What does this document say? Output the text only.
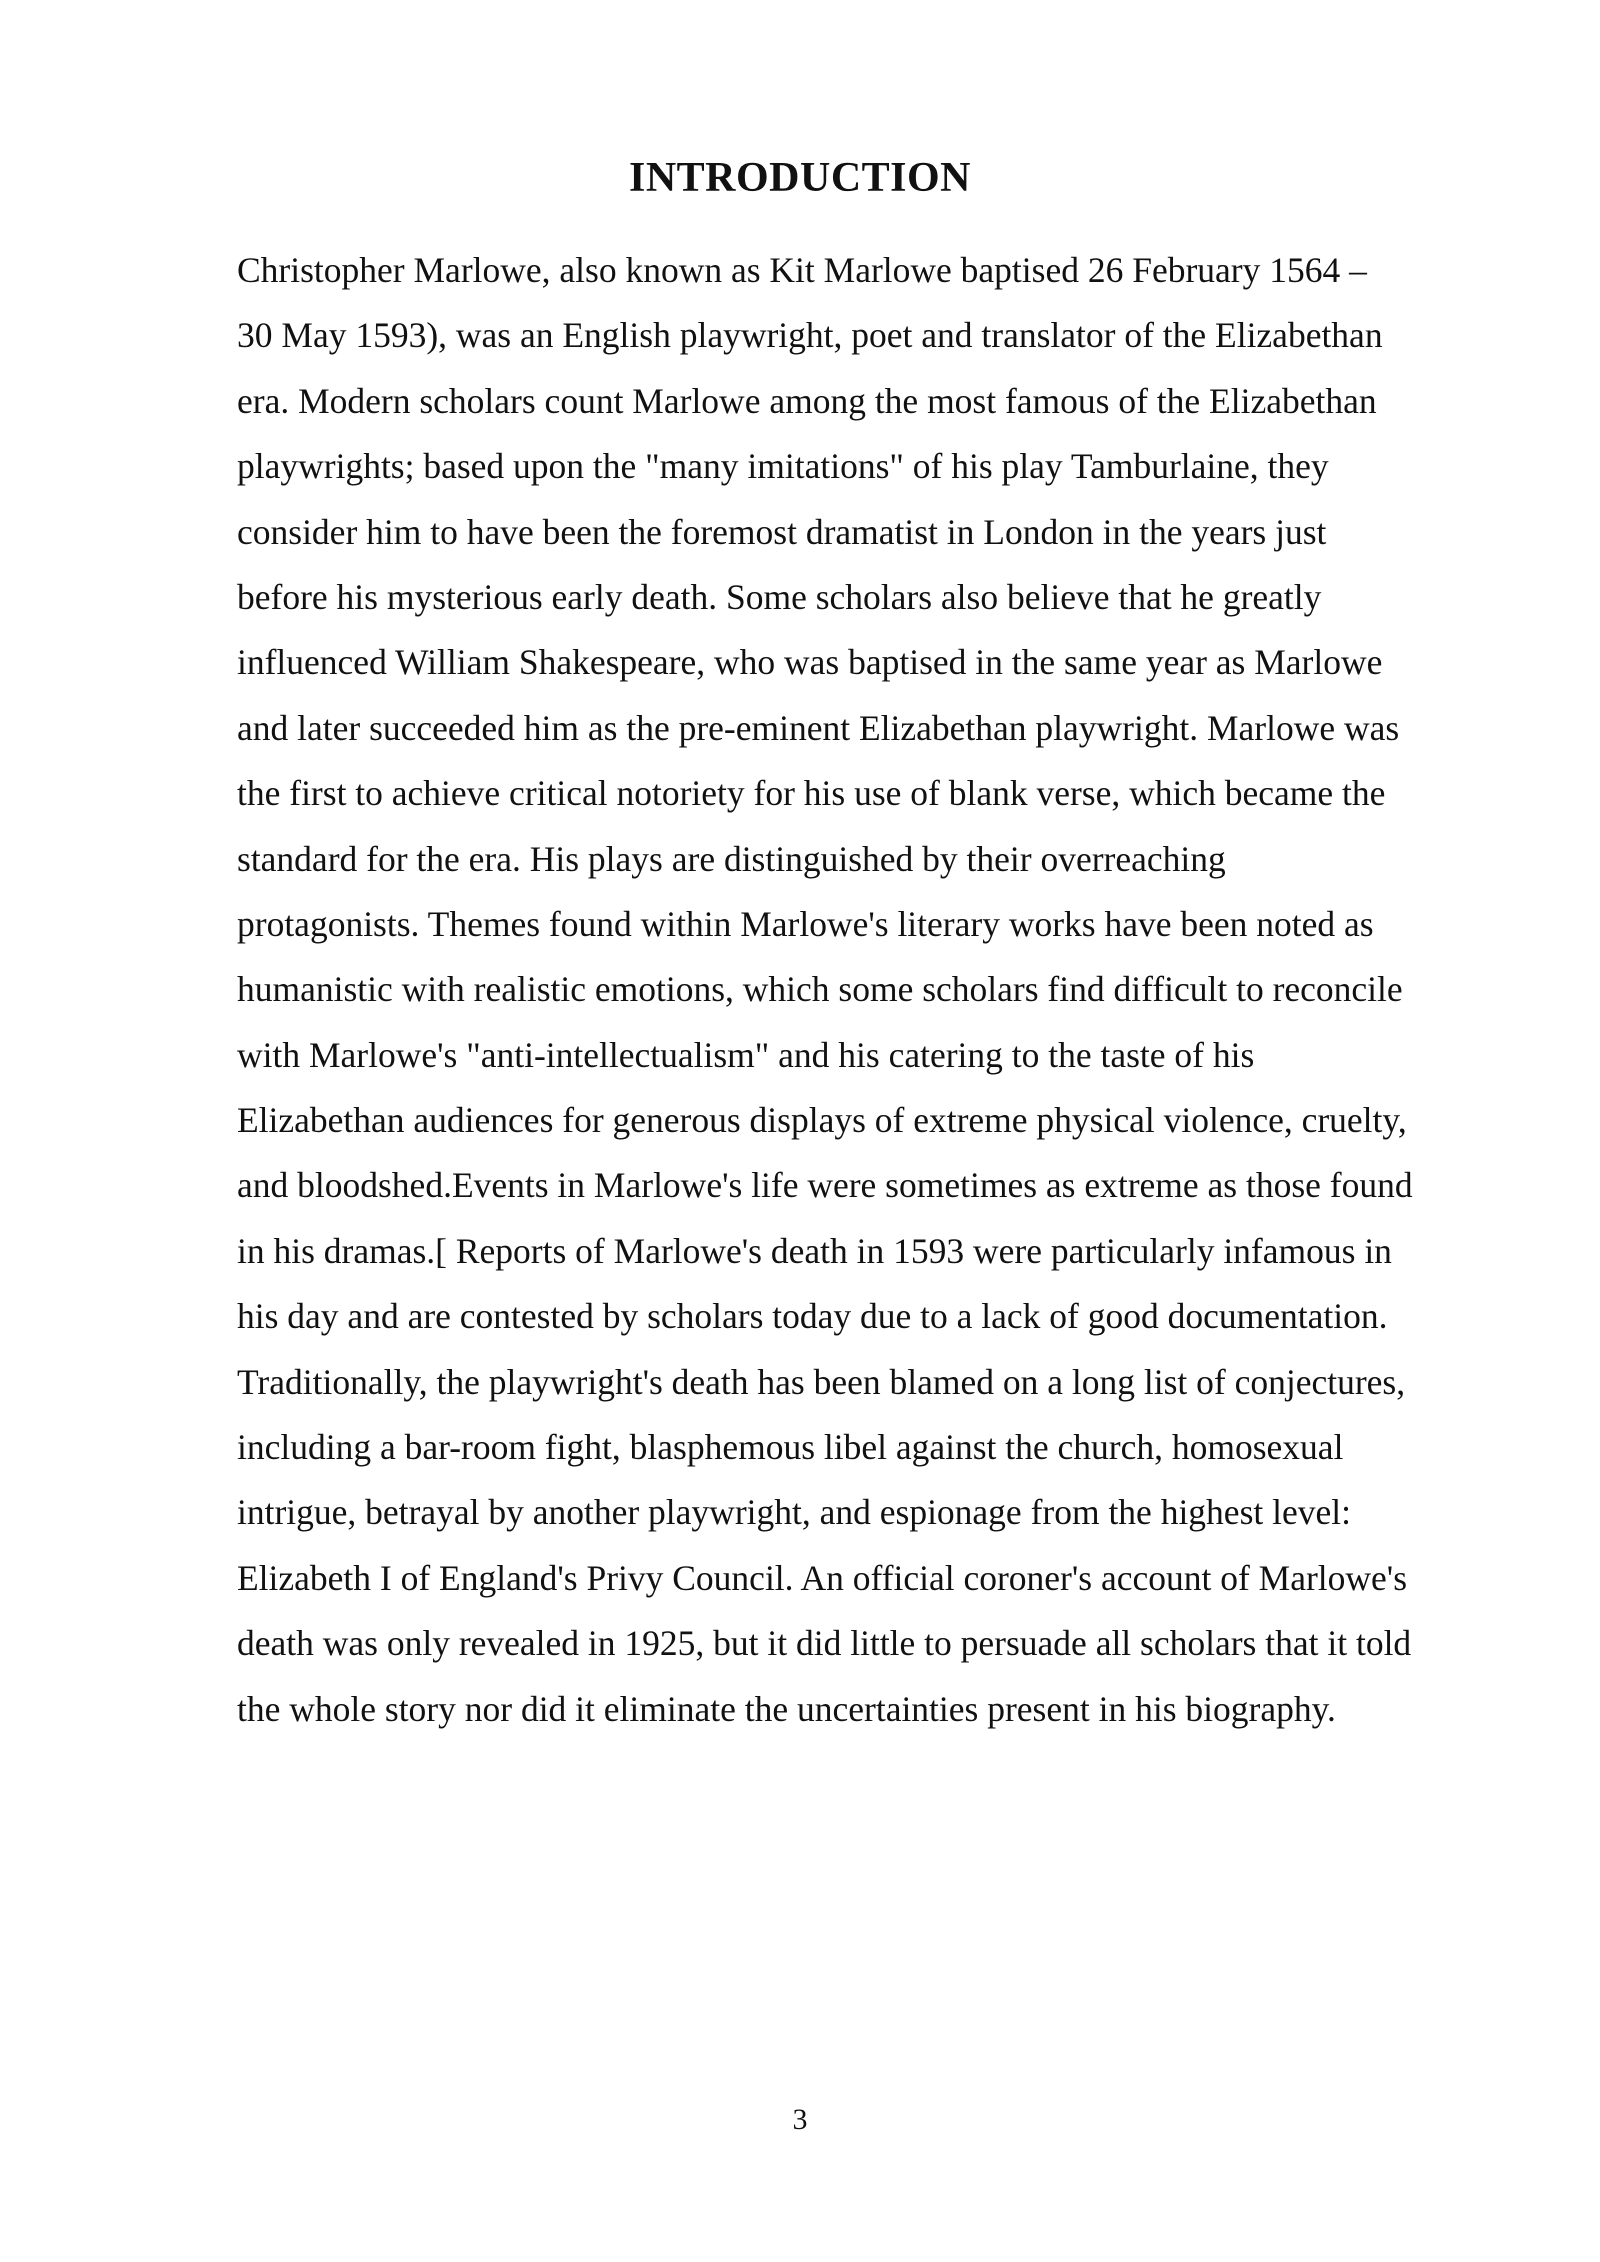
INTRODUCTION
Christopher Marlowe, also known as Kit Marlowe baptised 26 February 1564 –
30 May 1593), was an English playwright, poet and translator of the Elizabethan
era. Modern scholars count Marlowe among the most famous of the Elizabethan
playwrights; based upon the "many imitations" of his play Tamburlaine, they
consider him to have been the foremost dramatist in London in the years just
before his mysterious early death. Some scholars also believe that he greatly
influenced William Shakespeare, who was baptised in the same year as Marlowe
and later succeeded him as the pre-eminent Elizabethan playwright. Marlowe was
the first to achieve critical notoriety for his use of blank verse, which became the
standard for the era. His plays are distinguished by their overreaching
protagonists. Themes found within Marlowe's literary works have been noted as
humanistic with realistic emotions, which some scholars find difficult to reconcile
with Marlowe's "anti-intellectualism" and his catering to the taste of his
Elizabethan audiences for generous displays of extreme physical violence, cruelty,
and bloodshed.Events in Marlowe's life were sometimes as extreme as those found
in his dramas.[ Reports of Marlowe's death in 1593 were particularly infamous in
his day and are contested by scholars today due to a lack of good documentation.
Traditionally, the playwright's death has been blamed on a long list of conjectures,
including a bar-room fight, blasphemous libel against the church, homosexual
intrigue, betrayal by another playwright, and espionage from the highest level:
Elizabeth I of England's Privy Council. An official coroner's account of Marlowe's
death was only revealed in 1925, but it did little to persuade all scholars that it told
the whole story nor did it eliminate the uncertainties present in his biography.
3
